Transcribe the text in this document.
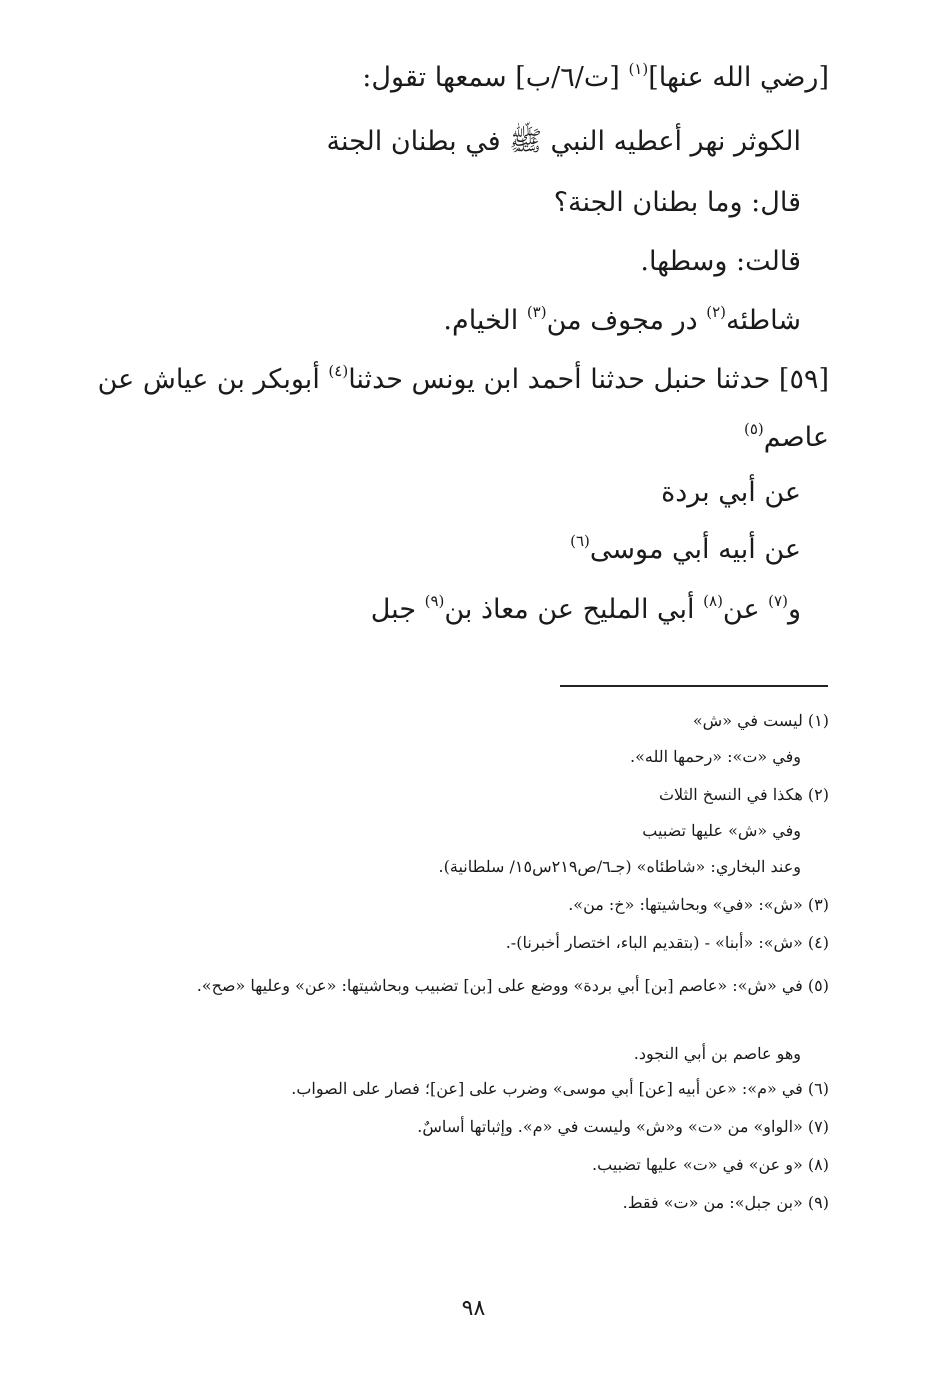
[رضي الله عنها]$^{(١)}$ [ت/٦/ب] سمعها تقول:
الكوثر نهر أعطيه النبي ﷺ في بطنان الجنة
قال: وما بطنان الجنة؟
قالت: وسطها.
شاطئه$^{(٢)}$ در مجوف من$^{(٣)}$ الخيام.
[٥٩] حدثنا حنبل حدثنا أحمد ابن يونس حدثنا$^{(٤)}$ أبوبكر بن عياش عن
عاصم$^{(٥)}$
عن أبي بردة
عن أبيه أبي موسى$^{(٦)}$
و$^{(٧)}$ عن$^{(٨)}$ أبي المليح عن معاذ بن$^{(٩)}$ جبل
(١) ليست في «ش»
وفي «ت»: «رحمها الله».
(٢) هكذا في النسخ الثلاث
وفي «ش» عليها تضبيب
وعند البخاري: «شاطئاه» (جـ٦/ص٢١٩س١٥/ سلطانية).
(٣) «ش»: «في» وبحاشيتها: «خ: من».
(٤) «ش»: «أبنا» - (بتقديم الباء، اختصار أخبرنا)-.
(٥) في «ش»: «عاصم [بن] أبي بردة» ووضع على [بن] تضبيب وبحاشيتها: «عن» وعليها «صح».
وهو عاصم بن أبي النجود.
(٦) في «م»: «عن أبيه [عن] أبي موسى» وضرب على [عن]؛ فصار على الصواب.
(٧) «الواو» من «ت» و«ش» وليست في «م». وإثباتها أساسٌ.
(٨) «و عن» في «ت» عليها تضبيب.
(٩) «بن جبل»: من «ت» فقط.
٩٨
